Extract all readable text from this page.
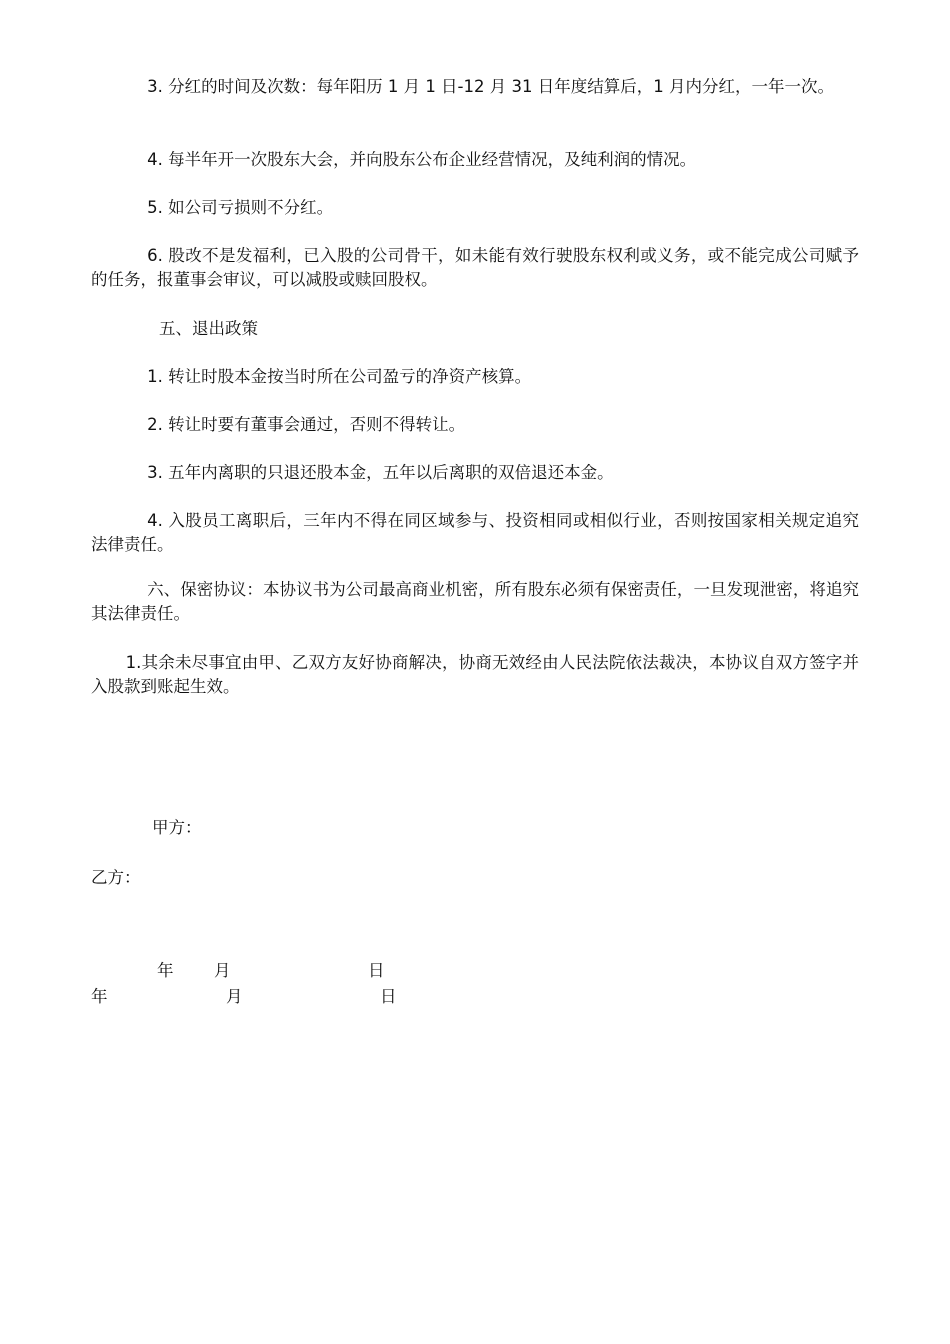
3. 分红的时间及次数：每年阳历 1 月 1 日-12 月 31 日年度结算后，1 月内分红，一年一次。

4. 每半年开一次股东大会，并向股东公布企业经营情况，及纯利润的情况。

5. 如公司亏损则不分红。

6. 股改不是发福利，已入股的公司骨干，如未能有效行驶股东权利或义务，或不能完成公司赋予的任务，报董事会审议，可以减股或赎回股权。

五、退出政策

1. 转让时股本金按当时所在公司盈亏的净资产核算。

2. 转让时要有董事会通过，否则不得转让。

3. 五年内离职的只退还股本金，五年以后离职的双倍退还本金。

4. 入股员工离职后，三年内不得在同区域参与、投资相同或相似行业，否则按国家相关规定追究法律责任。

六、保密协议：本协议书为公司最高商业机密，所有股东必须有保密责任，一旦发现泄密，将追究其法律责任。

1.其余未尽事宜由甲、乙双方友好协商解决，协商无效经由人民法院依法裁决，本协议自双方签字并入股款到账起生效。

甲方：

乙方：

年 月	日
年	月	日
